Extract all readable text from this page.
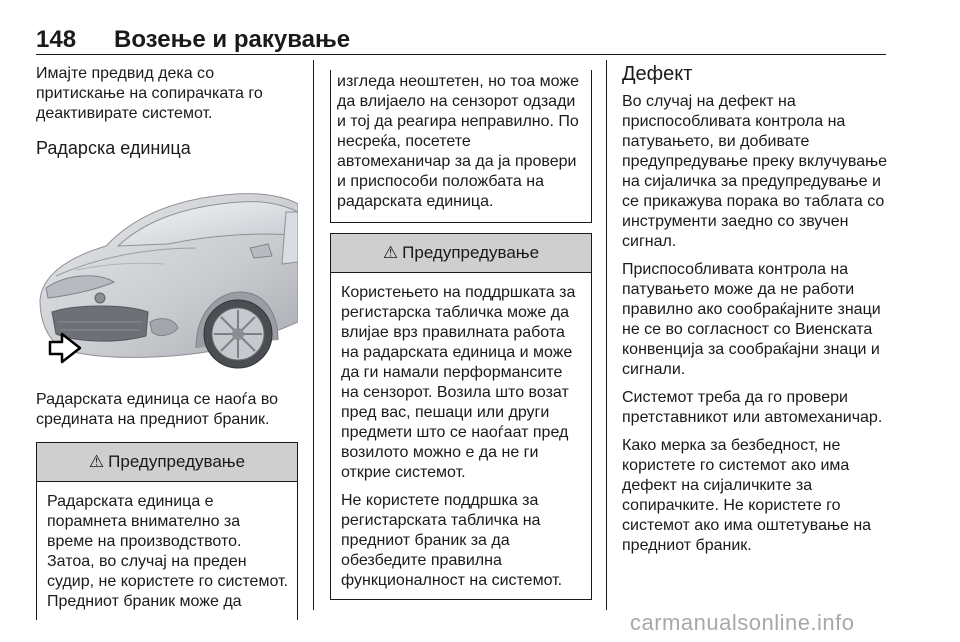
148 Возење и ракување

Имајте предвид дека со притискање на сопирачката го деактивирате системот.

Радарска единица

Радарската единица се наоѓа во средината на предниот браник.

⚠ Предупредување

Радарската единица е порамнета внимателно за време на производството. Затоа, во случај на преден судир, не користете го системот. Предниот браник може да

изгледа неоштетен, но тоа може да влијаело на сензорот одзади и тој да реагира неправилно. По несреќа, посетете автомеханичар за да ја провери и приспособи положбата на радарската единица.

⚠ Предупредување

Користењето на поддршката за регистарска табличка може да влијае врз правилната работа на радарската единица и може да ги намали перформансите на сензорот. Возила што возат пред вас, пешаци или други предмети што се наоѓаат пред возилото можно е да не ги открие системот.

Не користете поддршка за регистарската табличка на предниот браник за да обезбедите правилна функционалност на системот.

Дефект

Во случај на дефект на приспособливата контрола на патувањето, ви добивате предупредување преку вклучување на сијаличка за предупредување и се прикажува порака во таблата со инструменти заедно со звучен сигнал.

Приспособливата контрола на патувањето може да не работи правилно ако сообраќајните знаци не се во согласност со Виенската конвенција за сообраќајни знаци и сигнали.

Системот треба да го провери претставникот или автомеханичар.

Како мерка за безбедност, не користете го системот ако има дефект на сијаличките за сопирачките. Не користете го системот ако има оштетување на предниот браник.

carmanualsonline.info
